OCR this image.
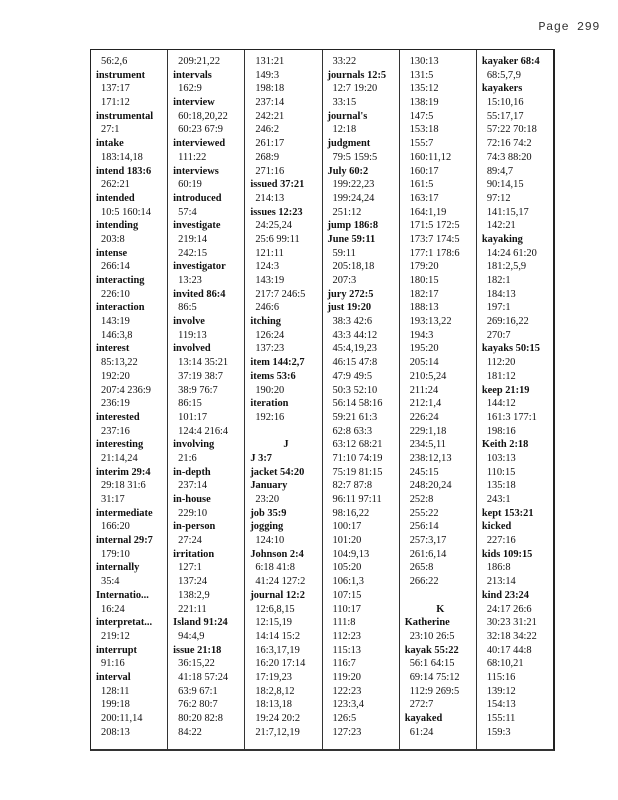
Page 299
56:2,6
instrument
137:17
171:12
instrumental
27:1
intake
183:14,18
intend 183:6
262:21
intended
10:5 160:14
intending
203:8
intense
266:14
interacting
226:10
interaction
143:19
146:3,8
interest
85:13,22
192:20
207:4 236:9
236:19
interested
237:16
interesting
21:14,24
interim 29:4
29:18 31:6
31:17
intermediate
166:20
internal 29:7
179:10
internally
35:4
Internatio...
16:24
interpretat...
219:12
interrupt
91:16
interval
128:11
199:18
200:11,14
208:13
209:21,22
intervals
162:9
interview
60:18,20,22
60:23 67:9
interviewed
111:22
interviews
60:19
introduced
57:4
investigate
219:14
242:15
investigator
13:23
invited 86:4
86:5
involve
119:13
involved
13:14 35:21
37:19 38:7
38:9 76:7
86:15
101:17
124:4 216:4
involving
21:6
in-depth
237:14
in-house
229:10
in-person
27:24
irritation
127:1
137:24
138:2,9
221:11
Island 91:24
94:4,9
issue 21:18
36:15,22
41:18 57:24
63:9 67:1
76:2 80:7
80:20 82:8
84:22
131:21
149:3
198:18
237:14
242:21
246:2
261:17
268:9
271:16
issued 37:21
214:13
issues 12:23
24:25,24
25:6 99:11
121:11
124:3
143:19
217:7 246:5
246:6
itching
126:24
137:23
item 144:2,7
items 53:6
190:20
iteration
192:16
J
J 3:7
jacket 54:20
January
23:20
job 35:9
jogging
124:10
Johnson 2:4
6:18 41:8
41:24 127:2
journal 12:2
12:6,8,15
12:15,19
14:14 15:2
16:3,17,19
16:20 17:14
17:19,23
18:2,8,12
18:13,18
19:24 20:2
21:7,12,19
33:22
journals 12:5
12:7 19:20
33:15
journal's
12:18
judgment
79:5 159:5
July 60:2
199:22,23
199:24,24
251:12
jump 186:8
June 59:11
59:11
205:18,18
207:3
jury 272:5
just 19:20
38:3 42:6
43:3 44:12
45:4,19,23
46:15 47:8
47:9 49:5
50:3 52:10
56:14 58:16
59:21 61:3
62:8 63:3
63:12 68:21
71:10 74:19
75:19 81:15
82:7 87:8
96:11 97:11
98:16,22
100:17
101:20
104:9,13
105:20
106:1,3
107:15
110:17
111:8
112:23
115:13
116:7
119:20
122:23
123:3,4
126:5
127:23
130:13
131:5
135:12
138:19
147:5
153:18
155:7
160:11,12
160:17
161:5
163:17
164:1,19
171:5 172:5
173:7 174:5
177:1 178:6
179:20
180:15
182:17
188:13
193:13,22
194:3
195:20
205:14
210:5,24
211:24
212:1,4
226:24
229:1,18
234:5,11
238:12,13
245:15
248:20,24
252:8
255:22
256:14
257:3,17
261:6,14
265:8
266:22
K
Katherine
23:10 26:5
kayak 55:22
56:1 64:15
69:14 75:12
112:9 269:5
272:7
kayaked
61:24
kayaker 68:4
68:5,7,9
kayakers
15:10,16
55:17,17
57:22 70:18
72:16 74:2
74:3 88:20
89:4,7
90:14,15
97:12
141:15,17
142:21
kayaking
14:24 61:20
181:2,5,9
182:1
184:13
197:1
269:16,22
270:7
kayaks 50:15
112:20
181:12
keep 21:19
144:12
161:3 177:1
198:16
Keith 2:18
103:13
110:15
135:18
243:1
kept 153:21
kicked
227:16
kids 109:15
186:8
213:14
kind 23:24
24:17 26:6
30:23 31:21
32:18 34:22
40:17 44:8
68:10,21
115:16
139:12
154:13
155:11
159:3
